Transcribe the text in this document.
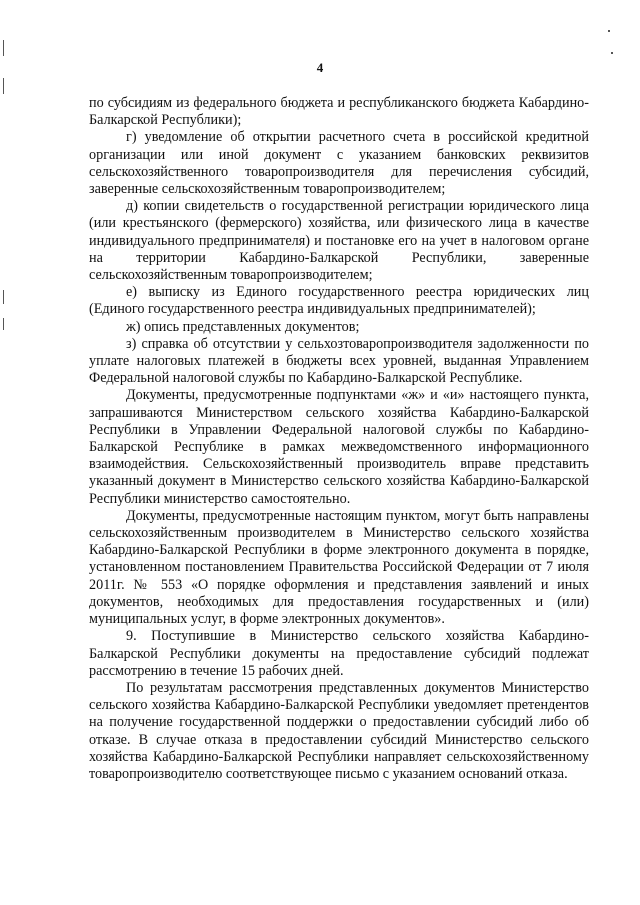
4

по субсидиям из федерального бюджета и республиканского бюджета Кабардино-Балкарской Республики);

г) уведомление об открытии расчетного счета в российской кредитной организации или иной документ с указанием банковских реквизитов сельскохозяйственного товаропроизводителя для перечисления субсидий, заверенные сельскохозяйственным товаропроизводителем;

д) копии свидетельств о государственной регистрации юридического лица (или крестьянского (фермерского) хозяйства, или физического лица в качестве индивидуального предпринимателя) и постановке его на учет в налоговом органе на территории Кабардино-Балкарской Республики, заверенные сельскохозяйственным товаропроизводителем;

е) выписку из Единого государственного реестра юридических лиц (Единого государственного реестра индивидуальных предпринимателей);

ж) опись представленных документов;

з) справка об отсутствии у сельхозтоваропроизводителя задолженности по уплате налоговых платежей в бюджеты всех уровней, выданная Управлением Федеральной налоговой службы по Кабардино-Балкарской Республике.

Документы, предусмотренные подпунктами «ж» и «и» настоящего пункта, запрашиваются Министерством сельского хозяйства Кабардино-Балкарской Республики в Управлении Федеральной налоговой службы по Кабардино-Балкарской Республике в рамках межведомственного информационного взаимодействия. Сельскохозяйственный производитель вправе представить указанный документ в Министерство сельского хозяйства Кабардино-Балкарской Республики министерство самостоятельно.

Документы, предусмотренные настоящим пунктом, могут быть направлены сельскохозяйственным производителем в Министерство сельского хозяйства Кабардино-Балкарской Республики в форме электронного документа в порядке, установленном постановлением Правительства Российской Федерации от 7 июля 2011г. № 553 «О порядке оформления и представления заявлений и иных документов, необходимых для предоставления государственных и (или) муниципальных услуг, в форме электронных документов».

9. Поступившие в Министерство сельского хозяйства Кабардино-Балкарской Республики документы на предоставление субсидий подлежат рассмотрению в течение 15 рабочих дней.

По результатам рассмотрения представленных документов Министерство сельского хозяйства Кабардино-Балкарской Республики уведомляет претендентов на получение государственной поддержки о предоставлении субсидий либо об отказе. В случае отказа в предоставлении субсидий Министерство сельского хозяйства Кабардино-Балкарской Республики направляет сельскохозяйственному товаропроизводителю соответствующее письмо с указанием оснований отказа.
